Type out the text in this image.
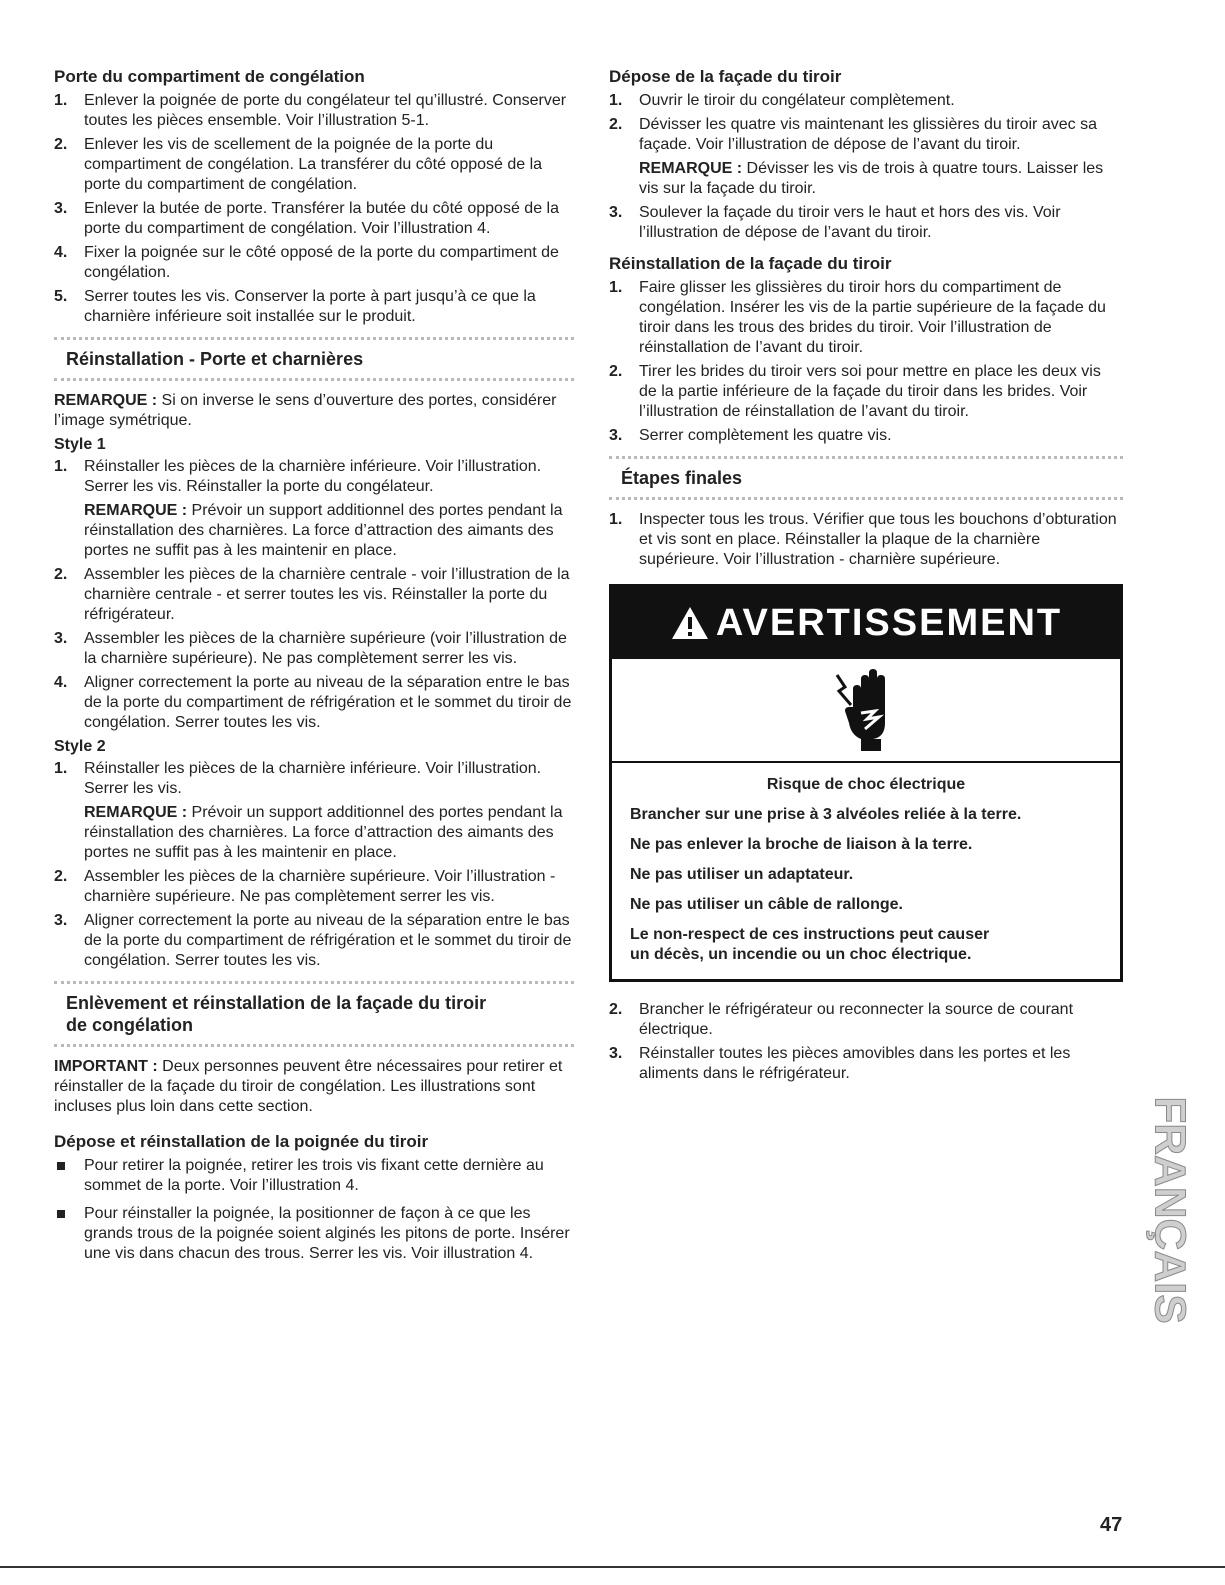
Porte du compartiment de congélation
1. Enlever la poignée de porte du congélateur tel qu’illustré. Conserver toutes les pièces ensemble. Voir l’illustration 5-1.
2. Enlever les vis de scellement de la poignée de la porte du compartiment de congélation. La transférer du côté opposé de la porte du compartiment de congélation.
3. Enlever la butée de porte. Transférer la butée du côté opposé de la porte du compartiment de congélation. Voir l’illustration 4.
4. Fixer la poignée sur le côté opposé de la porte du compartiment de congélation.
5. Serrer toutes les vis. Conserver la porte à part jusqu’à ce que la charnière inférieure soit installée sur le produit.
Réinstallation - Porte et charnières

REMARQUE : Si on inverse le sens d’ouverture des portes, considérer l’image symétrique.

Style 1
1. Réinstaller les pièces de la charnière inférieure. Voir l’illustration. Serrer les vis. Réinstaller la porte du congélateur.
REMARQUE : Prévoir un support additionnel des portes pendant la réinstallation des charnières. La force d’attraction des aimants des portes ne suffit pas à les maintenir en place.
2. Assembler les pièces de la charnière centrale - voir l’illustration de la charnière centrale - et serrer toutes les vis. Réinstaller la porte du réfrigérateur.
3. Assembler les pièces de la charnière supérieure (voir l’illustration de la charnière supérieure). Ne pas complètement serrer les vis.
4. Aligner correctement la porte au niveau de la séparation entre le bas de la porte du compartiment de réfrigération et le sommet du tiroir de congélation. Serrer toutes les vis.
Style 2
1. Réinstaller les pièces de la charnière inférieure. Voir l’illustration. Serrer les vis.
REMARQUE : Prévoir un support additionnel des portes pendant la réinstallation des charnières. La force d’attraction des aimants des portes ne suffit pas à les maintenir en place.
2. Assembler les pièces de la charnière supérieure. Voir l’illustration - charnière supérieure. Ne pas complètement serrer les vis.
3. Aligner correctement la porte au niveau de la séparation entre le bas de la porte du compartiment de réfrigération et le sommet du tiroir de congélation. Serrer toutes les vis.
Enlèvement et réinstallation de la façade du tiroir
de congélation

IMPORTANT : Deux personnes peuvent être nécessaires pour retirer et réinstaller de la façade du tiroir de congélation. Les illustrations sont incluses plus loin dans cette section.

Dépose et réinstallation de la poignée du tiroir
Pour retirer la poignée, retirer les trois vis fixant cette dernière au sommet de la porte. Voir l’illustration 4.
Pour réinstaller la poignée, la positionner de façon à ce que les grands trous de la poignée soient alginés les pitons de porte. Insérer une vis dans chacun des trous. Serrer les vis. Voir illustration 4.
Dépose de la façade du tiroir
1. Ouvrir le tiroir du congélateur complètement.
2. Dévisser les quatre vis maintenant les glissières du tiroir avec sa façade. Voir l’illustration de dépose de l’avant du tiroir.
REMARQUE : Dévisser les vis de trois à quatre tours. Laisser les vis sur la façade du tiroir.
3. Soulever la façade du tiroir vers le haut et hors des vis. Voir l’illustration de dépose de l’avant du tiroir.
Réinstallation de la façade du tiroir
1. Faire glisser les glissières du tiroir hors du compartiment de congélation. Insérer les vis de la partie supérieure de la façade du tiroir dans les trous des brides du tiroir. Voir l’illustration de réinstallation de l’avant du tiroir.
2. Tirer les brides du tiroir vers soi pour mettre en place les deux vis de la partie inférieure de la façade du tiroir dans les brides. Voir l’illustration de réinstallation de l’avant du tiroir.
3. Serrer complètement les quatre vis.
Étapes finales
1. Inspecter tous les trous. Vérifier que tous les bouchons d’obturation et vis sont en place. Réinstaller la plaque de la charnière supérieure. Voir l’illustration - charnière supérieure.
AVERTISSEMENT
Risque de choc électrique

Brancher sur une prise à 3 alvéoles reliée à la terre.

Ne pas enlever la broche de liaison à la terre.

Ne pas utiliser un adaptateur.

Ne pas utiliser un câble de rallonge.

Le non-respect de ces instructions peut causer
un décès, un incendie ou un choc électrique.

2. Brancher le réfrigérateur ou reconnecter la source de courant électrique.
3. Réinstaller toutes les pièces amovibles dans les portes et les aliments dans le réfrigérateur.
FRANÇAIS
47
